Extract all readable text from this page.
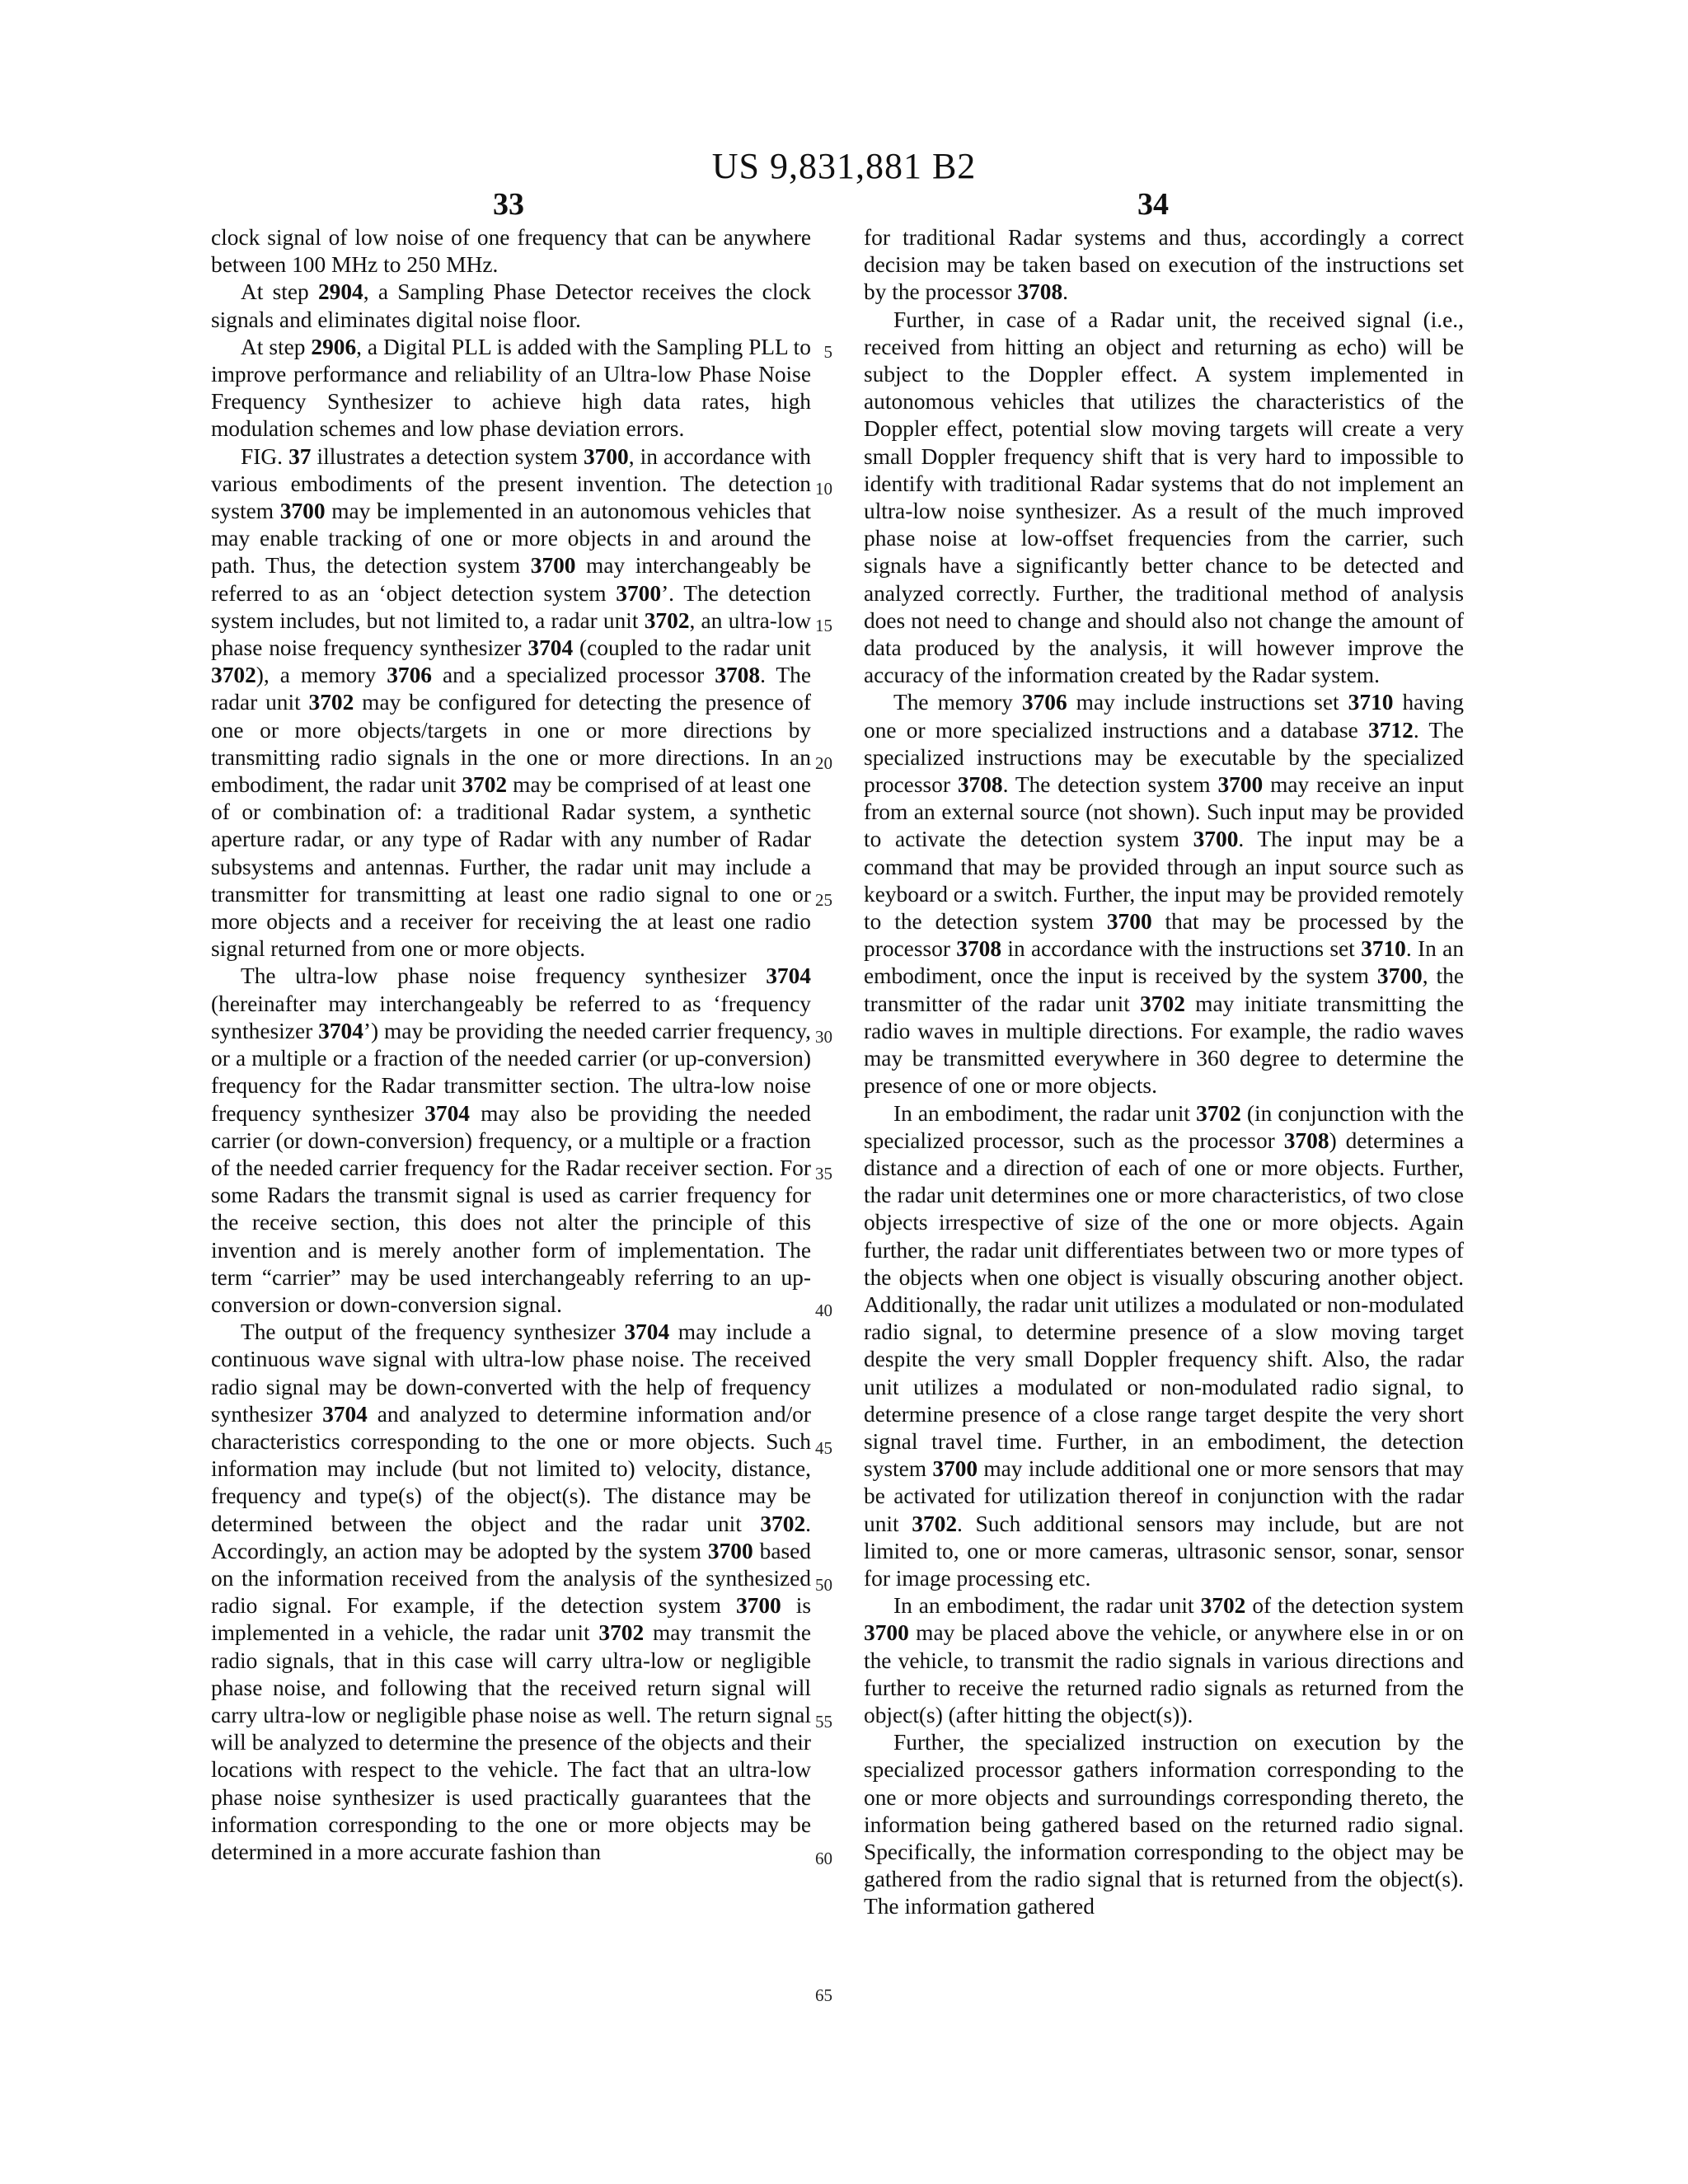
US 9,831,881 B2
33	34

clock signal of low noise of one frequency that can be anywhere between 100 MHz to 250 MHz.

At step 2904, a Sampling Phase Detector receives the clock signals and eliminates digital noise floor.

At step 2906, a Digital PLL is added with the Sampling PLL to improve performance and reliability of an Ultra-low Phase Noise Frequency Synthesizer to achieve high data rates, high modulation schemes and low phase deviation errors.

FIG. 37 illustrates a detection system 3700, in accordance with various embodiments of the present invention. The detection system 3700 may be implemented in an autonomous vehicles that may enable tracking of one or more objects in and around the path. Thus, the detection system 3700 may interchangeably be referred to as an ‘object detection system 3700’. The detection system includes, but not limited to, a radar unit 3702, an ultra-low phase noise frequency synthesizer 3704 (coupled to the radar unit 3702), a memory 3706 and a specialized processor 3708. The radar unit 3702 may be configured for detecting the presence of one or more objects/targets in one or more directions by transmitting radio signals in the one or more directions. In an embodiment, the radar unit 3702 may be comprised of at least one of or combination of: a traditional Radar system, a synthetic aperture radar, or any type of Radar with any number of Radar subsystems and antennas. Further, the radar unit may include a transmitter for transmitting at least one radio signal to one or more objects and a receiver for receiving the at least one radio signal returned from one or more objects.

The ultra-low phase noise frequency synthesizer 3704 (hereinafter may interchangeably be referred to as ‘frequency synthesizer 3704’) may be providing the needed carrier frequency, or a multiple or a fraction of the needed carrier (or up-conversion) frequency for the Radar transmitter section. The ultra-low noise frequency synthesizer 3704 may also be providing the needed carrier (or down-conversion) frequency, or a multiple or a fraction of the needed carrier frequency for the Radar receiver section. For some Radars the transmit signal is used as carrier frequency for the receive section, this does not alter the principle of this invention and is merely another form of implementation. The term “carrier” may be used interchangeably referring to an up-conversion or down-conversion signal.

The output of the frequency synthesizer 3704 may include a continuous wave signal with ultra-low phase noise. The received radio signal may be down-converted with the help of frequency synthesizer 3704 and analyzed to determine information and/or characteristics corresponding to the one or more objects. Such information may include (but not limited to) velocity, distance, frequency and type(s) of the object(s). The distance may be determined between the object and the radar unit 3702. Accordingly, an action may be adopted by the system 3700 based on the information received from the analysis of the synthesized radio signal. For example, if the detection system 3700 is implemented in a vehicle, the radar unit 3702 may transmit the radio signals, that in this case will carry ultra-low or negligible phase noise, and following that the received return signal will carry ultra-low or negligible phase noise as well. The return signal will be analyzed to determine the presence of the objects and their locations with respect to the vehicle. The fact that an ultra-low phase noise synthesizer is used practically guarantees that the information corresponding to the one or more objects may be determined in a more accurate fashion than

for traditional Radar systems and thus, accordingly a correct decision may be taken based on execution of the instructions set by the processor 3708.

Further, in case of a Radar unit, the received signal (i.e., received from hitting an object and returning as echo) will be subject to the Doppler effect. A system implemented in autonomous vehicles that utilizes the characteristics of the Doppler effect, potential slow moving targets will create a very small Doppler frequency shift that is very hard to impossible to identify with traditional Radar systems that do not implement an ultra-low noise synthesizer. As a result of the much improved phase noise at low-offset frequencies from the carrier, such signals have a significantly better chance to be detected and analyzed correctly. Further, the traditional method of analysis does not need to change and should also not change the amount of data produced by the analysis, it will however improve the accuracy of the information created by the Radar system.

The memory 3706 may include instructions set 3710 having one or more specialized instructions and a database 3712. The specialized instructions may be executable by the specialized processor 3708. The detection system 3700 may receive an input from an external source (not shown). Such input may be provided to activate the detection system 3700. The input may be a command that may be provided through an input source such as keyboard or a switch. Further, the input may be provided remotely to the detection system 3700 that may be processed by the processor 3708 in accordance with the instructions set 3710. In an embodiment, once the input is received by the system 3700, the transmitter of the radar unit 3702 may initiate transmitting the radio waves in multiple directions. For example, the radio waves may be transmitted everywhere in 360 degree to determine the presence of one or more objects.

In an embodiment, the radar unit 3702 (in conjunction with the specialized processor, such as the processor 3708) determines a distance and a direction of each of one or more objects. Further, the radar unit determines one or more characteristics, of two close objects irrespective of size of the one or more objects. Again further, the radar unit differentiates between two or more types of the objects when one object is visually obscuring another object. Additionally, the radar unit utilizes a modulated or non-modulated radio signal, to determine presence of a slow moving target despite the very small Doppler frequency shift. Also, the radar unit utilizes a modulated or non-modulated radio signal, to determine presence of a close range target despite the very short signal travel time. Further, in an embodiment, the detection system 3700 may include additional one or more sensors that may be activated for utilization thereof in conjunction with the radar unit 3702. Such additional sensors may include, but are not limited to, one or more cameras, ultrasonic sensor, sonar, sensor for image processing etc.

In an embodiment, the radar unit 3702 of the detection system 3700 may be placed above the vehicle, or anywhere else in or on the vehicle, to transmit the radio signals in various directions and further to receive the returned radio signals as returned from the object(s) (after hitting the object(s)).

Further, the specialized instruction on execution by the specialized processor gathers information corresponding to the one or more objects and surroundings corresponding thereto, the information being gathered based on the returned radio signal. Specifically, the information corresponding to the object may be gathered from the radio signal that is returned from the object(s). The information gathered

5
10
15
20
25
30
35
40
45
50
55
60
65
